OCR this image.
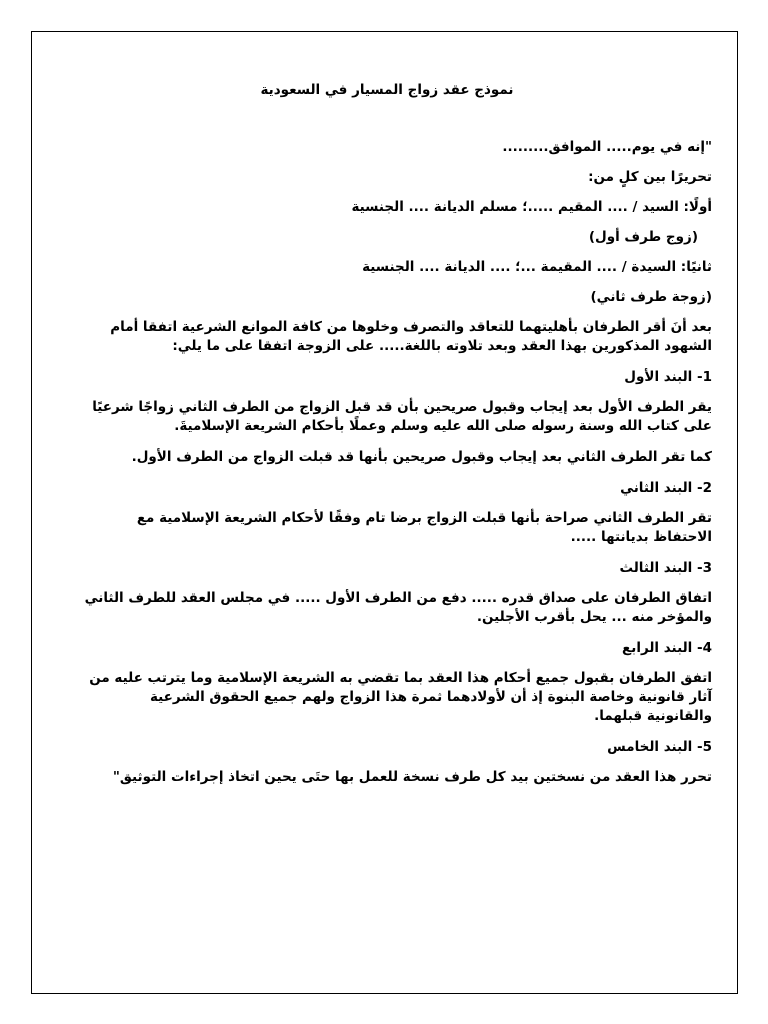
نموذج عقد زواج المسيار في السعودية
"إنه في يوم..... الموافق.........
تحريرًا بين كلٍ من:
أولًا: السيد / .... المقيم .....؛ مسلم الديانة .... الجنسية
(زوج طرف أول)
ثانيًا: السيدة / .... المقيمة ...؛ .... الديانة .... الجنسية
(زوجة طرف ثاني)
بعد أنَ أقر الطرفان بأهليتهما للتعاقد والتصرف وخلوها من كافة الموانع الشرعية اتفقا أمام
الشهود المذكورين بهذا العقد وبعد تلاوته باللغة..... على الزوجة اتفقا على ما يلي:
1- البند الأول
يقر الطرف الأول بعد إيجاب وقبول صريحين بأن قد قبل الزواج من الطرف الثاني زواجًا شرعيًا
على كتاب الله وسنة رسوله صلى الله عليه وسلم وعملًا بأحكام الشريعة الإسلاميةَ.
كما تقر الطرف الثاني بعد إيجاب وقبول صريحين بأنها قد قبلت الزواج من الطرف الأول.
2- البند الثاني
تقر الطرف الثاني صراحة بأنها قبلت الزواج برضا تام وفقًا لأحكام الشريعة الإسلامية مع
الاحتفاظ بديانتها .....
3- البند الثالث
اتفاق الطرفان على صداق قدره ..... دفع من الطرف الأول ..... في مجلس العقد للطرف الثاني
والمؤخر منه ... يحل بأقرب الأجلين.
4- البند الرابع
اتفق الطرفان بقبول جميع أحكام هذا العقد بما تقضي به الشريعة الإسلامية وما يترتب عليه من
آثار قانونية وخاصة البنوة إذ أن لأولادهما ثمرة هذا الزواج ولهم جميع الحقوق الشرعية
والقانونية قبلهما.
5- البند الخامس
تحرر هذا العقد من نسختين بيد كل طرف نسخة للعمل بها حتَى يحين اتخاذ إجراءات التوثيق"
